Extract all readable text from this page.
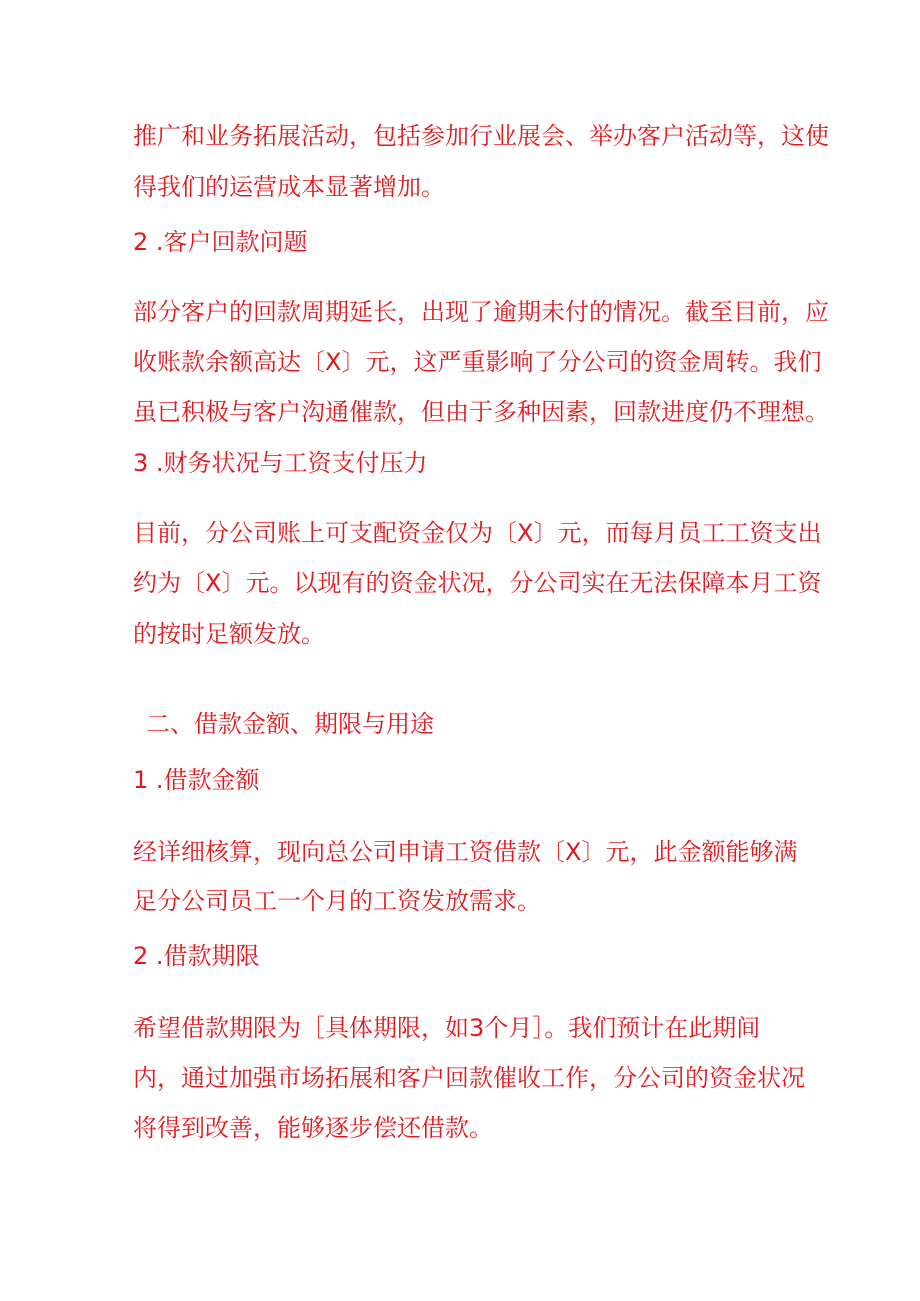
推广和业务拓展活动，包括参加行业展会、举办客户活动等，这使
得我们的运营成本显著增加。
2 .客户回款问题
部分客户的回款周期延长，出现了逾期未付的情况。截至目前，应
收账款余额高达〔X〕元，这严重影响了分公司的资金周转。我们
虽已积极与客户沟通催款，但由于多种因素，回款进度仍不理想。
3 .财务状况与工资支付压力
目前，分公司账上可支配资金仅为〔X〕元，而每月员工工资支出
约为〔X〕元。以现有的资金状况，分公司实在无法保障本月工资
的按时足额发放。
二、借款金额、期限与用途
1 .借款金额
经详细核算，现向总公司申请工资借款〔X〕元，此金额能够满
足分公司员工一个月的工资发放需求。
2 .借款期限
希望借款期限为［具体期限，如3个月］。我们预计在此期间
内，通过加强市场拓展和客户回款催收工作，分公司的资金状况
将得到改善，能够逐步偿还借款。
